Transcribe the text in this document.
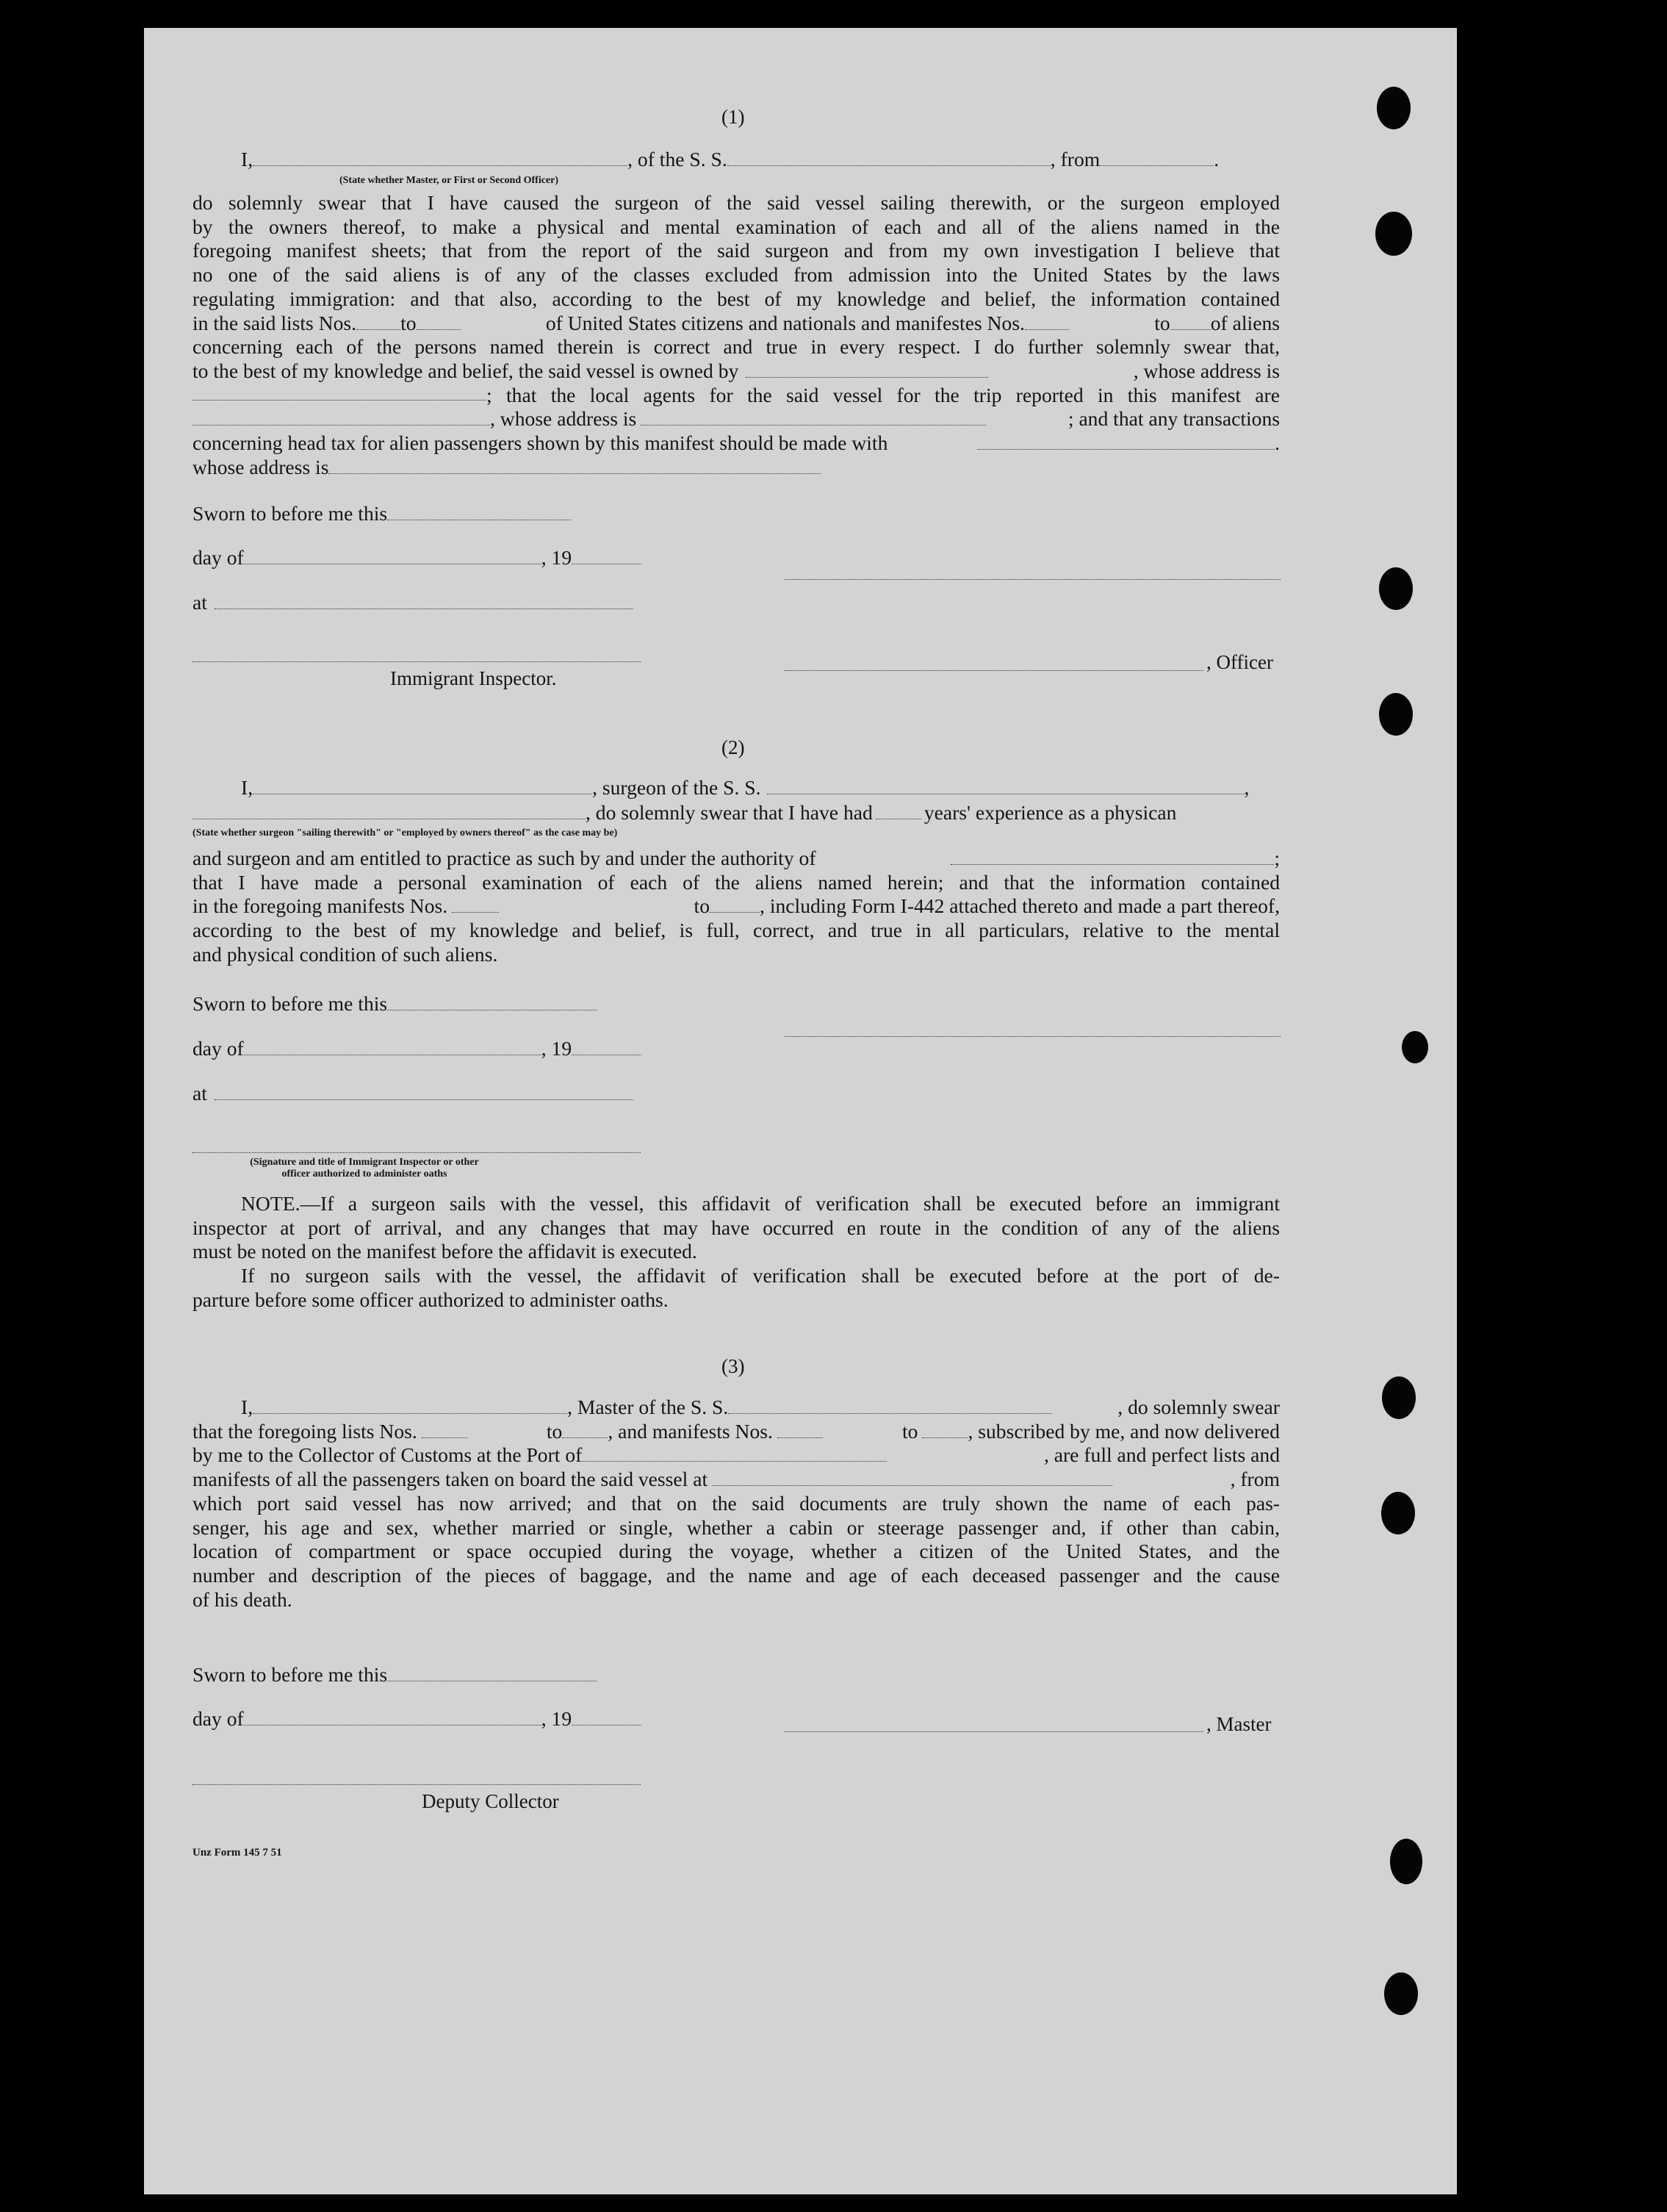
(1)
I,	, of the S. S.	, from	.
(State whether Master, or First or Second Officer)
do solemnly swear that I have caused the surgeon of the said vessel sailing therewith, or the surgeon employed
by the owners thereof, to make a physical and mental examination of each and all of the aliens named in the
foregoing manifest sheets; that from the report of the said surgeon and from my own investigation I believe that
no one of the said aliens is of any of the classes excluded from admission into the United States by the laws
regulating immigration: and that also, according to the best of my knowledge and belief, the information contained
in the said lists Nos. to	of United States citizens and nationals and manifestes Nos.	to of aliens
concerning each of the persons named therein is correct and true in every respect. I do further solemnly swear that,
to the best of my knowledge and belief, the said vessel is owned by	, whose address is
; that the local agents for the said vessel for the trip reported in this manifest are
, whose address is	; and that any transactions
concerning head tax for alien passengers shown by this manifest should be made with	.
whose address is
Sworn to before me this
day of	, 19
at
Immigrant Inspector.
, Officer
(2)
I,	, surgeon of the S. S.	,
, do solemnly swear that I have had	years' experience as a physican
(State whether surgeon "sailing therewith" or "employed by owners thereof" as the case may be)
and surgeon and am entitled to practice as such by and under the authority of	;
that I have made a personal examination of each of the aliens named herein; and that the information contained
in the foregoing manifests Nos.	to , including Form I-442 attached thereto and made a part thereof,
according to the best of my knowledge and belief, is full, correct, and true in all particulars, relative to the mental
and physical condition of such aliens.
Sworn to before me this
day of	, 19
at
(Signature and title of Immigrant Inspector or other
officer authorized to administer oaths
NOTE.—If a surgeon sails with the vessel, this affidavit of verification shall be executed before an immigrant
inspector at port of arrival, and any changes that may have occurred en route in the condition of any of the aliens
must be noted on the manifest before the affidavit is executed.
If no surgeon sails with the vessel, the affidavit of verification shall be executed before at the port of de-
parture before some officer authorized to administer oaths.
(3)
I,	, Master of the S. S.	, do solemnly swear
that the foregoing lists Nos.	to , and manifests Nos.	to , subscribed by me, and now delivered
by me to the Collector of Customs at the Port of	, are full and perfect lists and
manifests of all the passengers taken on board the said vessel at	, from
which port said vessel has now arrived; and that on the said documents are truly shown the name of each pas-
senger, his age and sex, whether married or single, whether a cabin or steerage passenger and, if other than cabin,
location of compartment or space occupied during the voyage, whether a citizen of the United States, and the
number and description of the pieces of baggage, and the name and age of each deceased passenger and the cause
of his death.
Sworn to before me this
day of	, 19	, Master
Deputy Collector
Unz Form 145 7 51
